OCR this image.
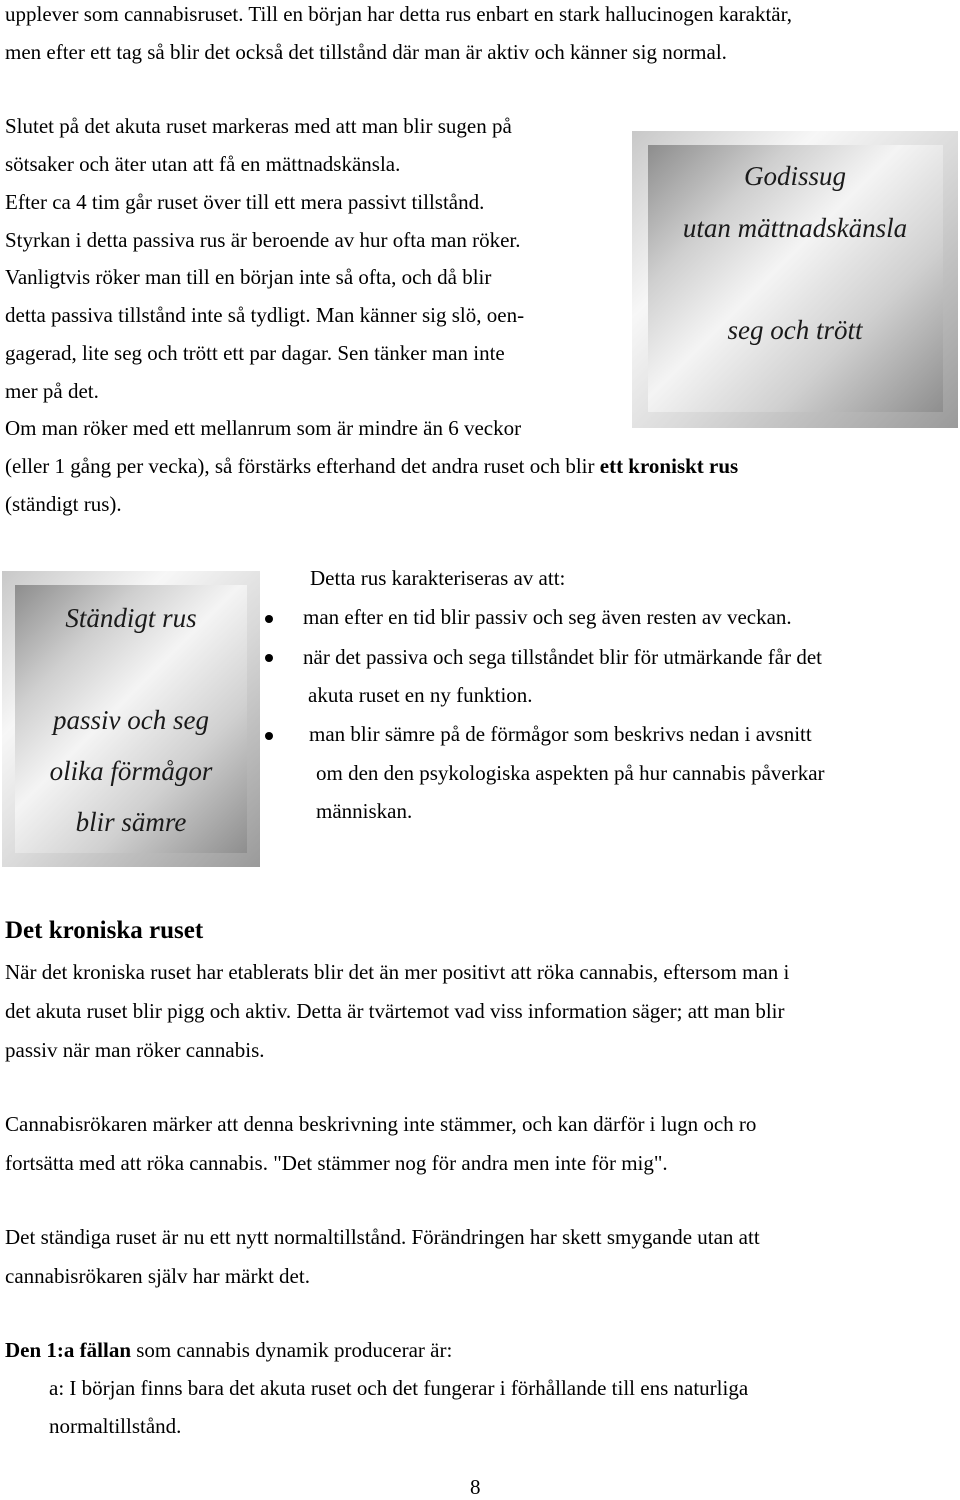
upplever som cannabisruset. Till en början har detta rus enbart en stark hallucinogen karaktär,
men efter ett tag så blir det också det tillstånd där man är aktiv och känner sig normal.
Slutet på det akuta ruset markeras med att man blir sugen på
sötsaker och äter utan att få en mättnadskänsla.
Efter ca 4 tim går ruset över till ett mera passivt tillstånd.
Styrkan i detta passiva rus är beroende av hur ofta man röker.
Vanligtvis röker man till en början inte så ofta, och då blir
detta passiva tillstånd inte så tydligt. Man känner sig slö, oen-
gagerad, lite seg och trött ett par dagar. Sen tänker man inte
mer på det.
Om man röker med ett mellanrum som är mindre än 6 veckor
(eller 1 gång per vecka), så förstärks efterhand det andra ruset och blir ett kroniskt rus
(ständigt rus).
Godissug
utan mättnadskänsla
seg och trött
Ständigt rus
passiv och seg
olika förmågor
blir sämre
Detta rus karakteriseras av att:
man efter en tid blir passiv och seg även resten av veckan.
när det passiva och sega tillståndet blir för utmärkande får det
akuta ruset en ny funktion.
man blir sämre på de förmågor som beskrivs nedan i avsnitt
om den den psykologiska aspekten på hur cannabis påverkar
människan.
Det kroniska ruset
När det kroniska ruset har etablerats blir det än mer positivt att röka cannabis, eftersom man i
det akuta ruset blir pigg och aktiv. Detta är tvärtemot vad viss information säger; att man blir
passiv när man röker cannabis.
Cannabisrökaren märker att denna beskrivning inte stämmer, och kan därför i lugn och ro
fortsätta med att röka cannabis. "Det stämmer nog för andra men inte för mig".
Det ständiga ruset är nu ett nytt normaltillstånd. Förändringen har skett smygande utan att
cannabisrökaren själv har märkt det.
Den 1:a fällan som cannabis dynamik producerar är:
a: I början finns bara det akuta ruset och det fungerar i förhållande till ens naturliga
normaltillstånd.
8
